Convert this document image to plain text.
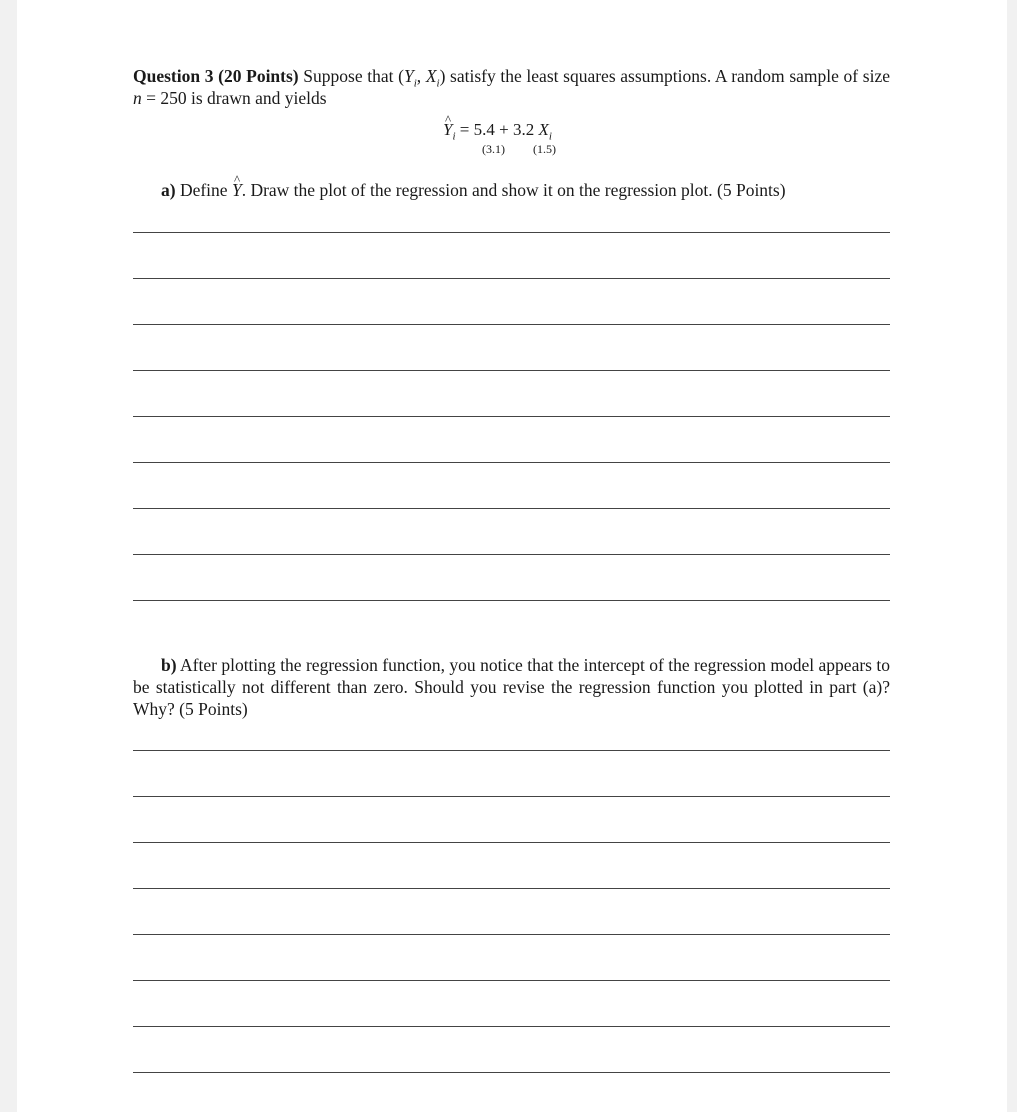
Question 3 (20 Points) Suppose that ($Y_i$, $X_i$) satisfy the least squares assumptions. A random sample of size n = 250 is drawn and yields

^ $Y_i = 5.4 + 3.2$ $X_i$
(3.1) (1.5)
a) Define ^ Y. Draw the plot of the regression and show it on the regression plot. (5 Points)

b) After plotting the regression function, you notice that the intercept of the regression model appears to be statistically not different than zero. Should you revise the regression function you plotted in part (a)? Why? (5 Points)
